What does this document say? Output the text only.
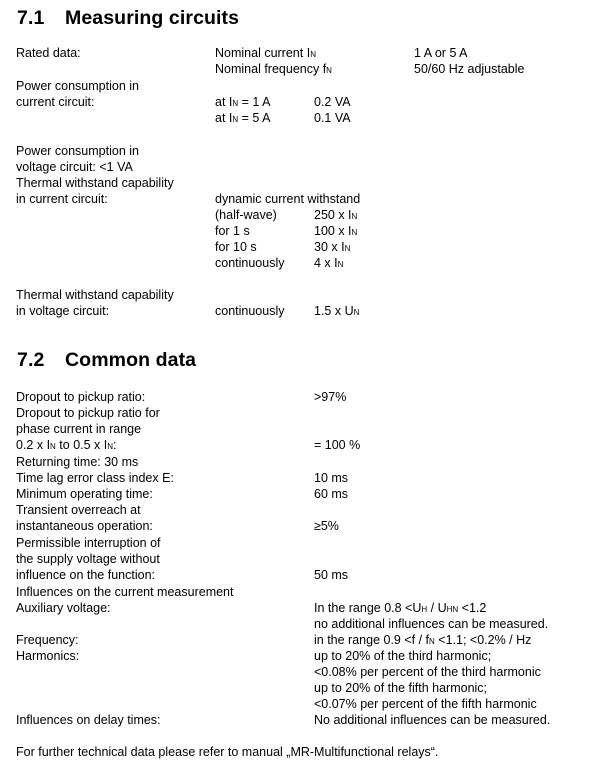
7.1 Measuring circuits
Rated data:	Nominal current IN	1 A or 5 A
Nominal frequency fN	50/60 Hz adjustable
Power consumption in
current circuit:	at IN = 1 A	0.2 VA
at IN = 5 A	0.1 VA
Power consumption in
voltage circuit: <1 VA
Thermal withstand capability
in current circuit:	dynamic current withstand
(half-wave)	250 x IN
for 1 s	100 x IN
for 10 s	30 x IN
continuously 4 x IN
Thermal withstand capability
in voltage circuit:	continuously 1.5 x UN
7.2 Common data
Dropout to pickup ratio:	>97%
Dropout to pickup ratio for
phase current in range
0.2 x IN to 0.5 x IN:	= 100 %
Returning time: 30 ms
Time lag error class index E:	10 ms
Minimum operating time:	60 ms
Transient overreach at
instantaneous operation:	≥5%
Permissible interruption of
the supply voltage without
influence on the function:	50 ms
Influences on the current measurement
Auxiliary voltage:	In the range 0.8 <UH / UHN <1.2
no additional influences can be measured.
Frequency:	in the range 0.9 <f / fN <1.1; <0.2% / Hz
Harmonics:	up to 20% of the third harmonic;
<0.08% per percent of the third harmonic
up to 20% of the fifth harmonic;
<0.07% per percent of the fifth harmonic
Influences on delay times:	No additional influences can be measured.
For further technical data please refer to manual „MR-Multifunctional relays“.
